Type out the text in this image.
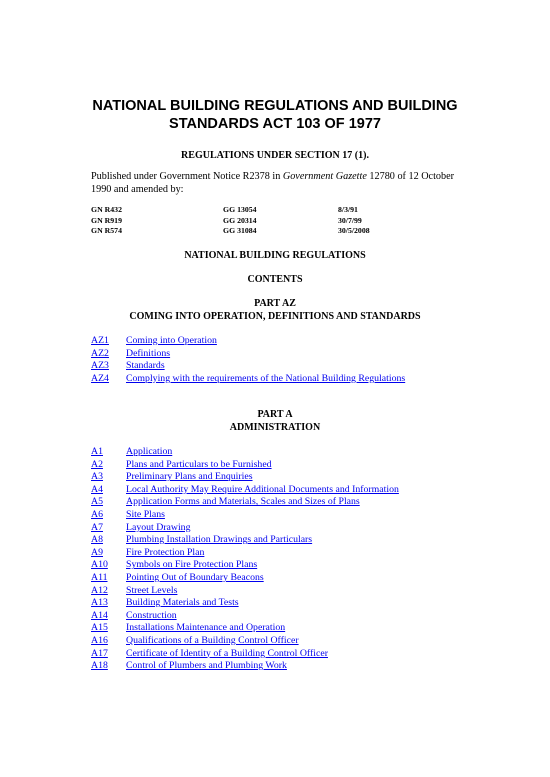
NATIONAL BUILDING REGULATIONS AND BUILDING
STANDARDS ACT 103 OF 1977
REGULATIONS UNDER SECTION 17 (1).
Published under Government Notice R2378 in Government Gazette 12780 of 12 October 1990 and amended by:
GN R432	GG 13054	8/3/91
GN R919	GG 20314	30/7/99
GN R574	GG 31084	30/5/2008
NATIONAL BUILDING REGULATIONS
CONTENTS
PART AZ
COMING INTO OPERATION, DEFINITIONS AND STANDARDS
AZ1	Coming into Operation
AZ2	Definitions
AZ3	Standards
AZ4	Complying with the requirements of the National Building Regulations
PART A
ADMINISTRATION
A1	Application
A2	Plans and Particulars to be Furnished
A3	Preliminary Plans and Enquiries
A4	Local Authority May Require Additional Documents and Information
A5	Application Forms and Materials, Scales and Sizes of Plans
A6	Site Plans
A7	Layout Drawing
A8	Plumbing Installation Drawings and Particulars
A9	Fire Protection Plan
A10	Symbols on Fire Protection Plans
A11	Pointing Out of Boundary Beacons
A12	Street Levels
A13	Building Materials and Tests
A14	Construction
A15	Installations Maintenance and Operation
A16	Qualifications of a Building Control Officer
A17	Certificate of Identity of a Building Control Officer
A18	Control of Plumbers and Plumbing Work
